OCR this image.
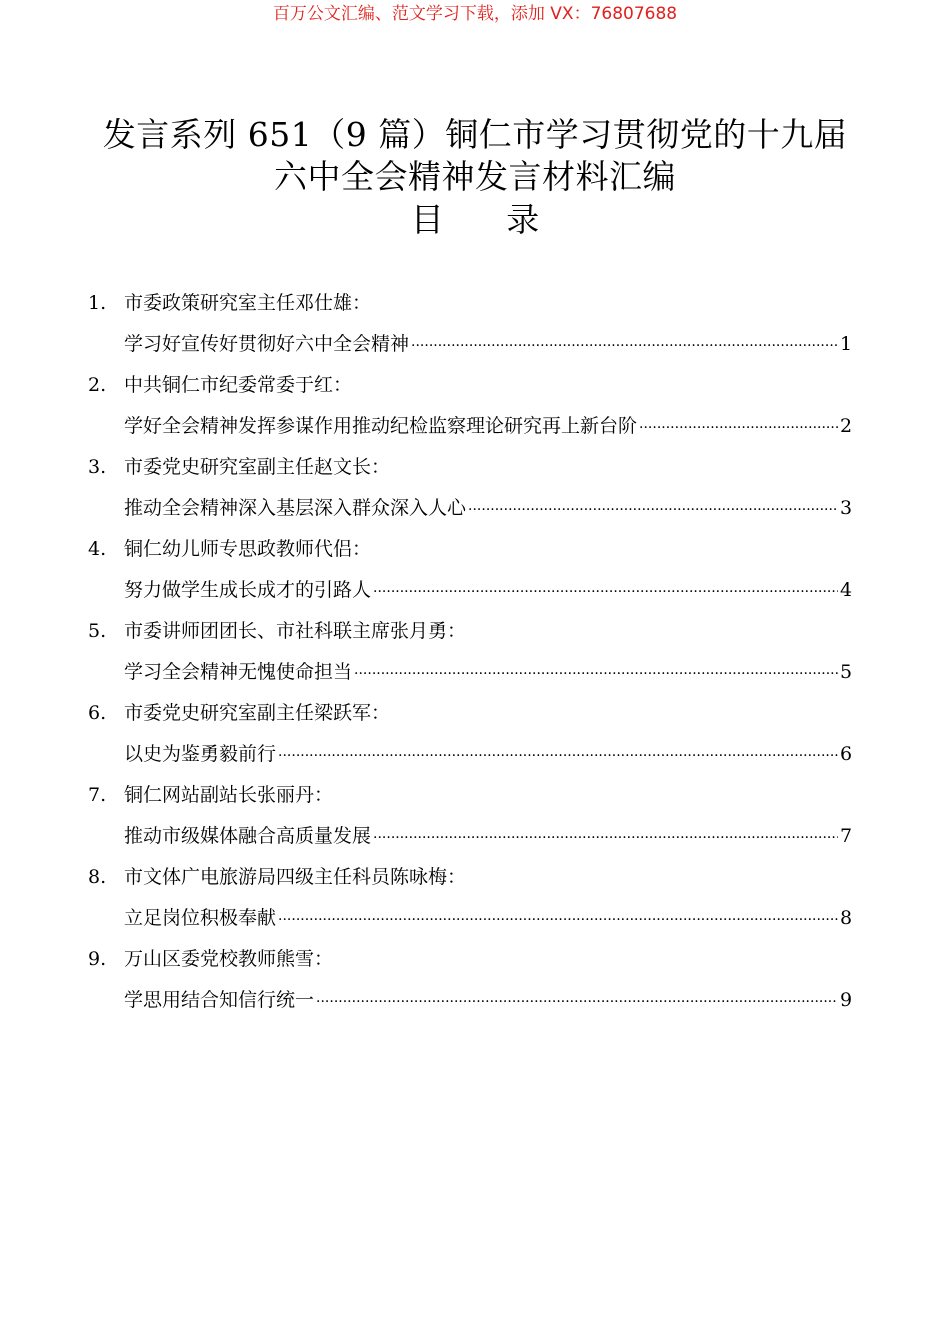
百万公文汇编、范文学习下载，添加 VX：76807688
发言系列 651（9 篇）铜仁市学习贯彻党的十九届
六中全会精神发言材料汇编
目 录
1. 市委政策研究室主任邓仕雄：
学习好宣传好贯彻好六中全会精神 ·····	1
2. 中共铜仁市纪委常委于红：
学好全会精神发挥参谋作用推动纪检监察理论研究再上新台阶 ·····	2
3. 市委党史研究室副主任赵文长：
推动全会精神深入基层深入群众深入人心 ·····	3
4. 铜仁幼儿师专思政教师代侣：
努力做学生成长成才的引路人 ·····	4
5. 市委讲师团团长、市社科联主席张月勇：
学习全会精神无愧使命担当 ·····	5
6. 市委党史研究室副主任梁跃军：
以史为鉴勇毅前行 ·····	6
7. 铜仁网站副站长张丽丹：
推动市级媒体融合高质量发展 ·····	7
8. 市文体广电旅游局四级主任科员陈咏梅：
立足岗位积极奉献 ·····	8
9. 万山区委党校教师熊雪：
学思用结合知信行统一 ·····	9
